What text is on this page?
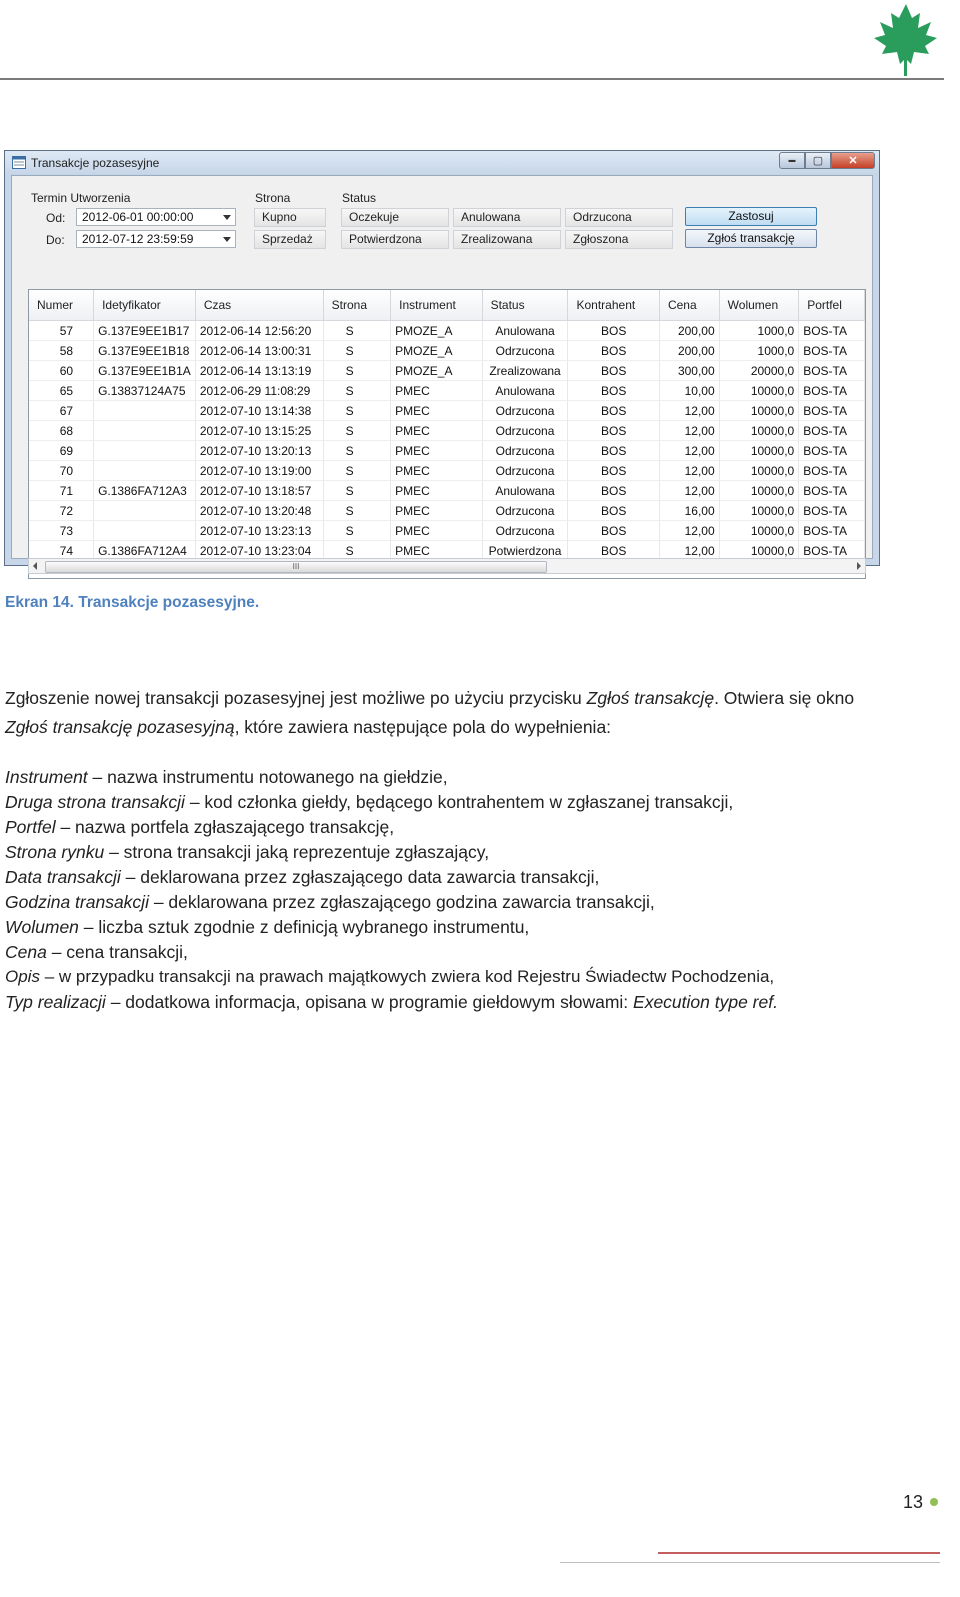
Transakcje pozasesyjne	▬ ▢ ✕
Termin Utworzenia
Od:	2012-06-01 00:00:00
Do:	2012-07-12 23:59:59
Strona
Kupno
Sprzedaż
Status
Oczekuje	Anulowana	Odrzucona
Potwierdzona	Zrealizowana	Zgłoszona
Zastosuj
Zgłoś transakcję
Numer	Idetyfikator	Czas	Strona	Instrument	Status	Kontrahent	Cena	Wolumen	Portfel
57	G.137E9EE1B17	2012-06-14 12:56:20	S	PMOZE_A	Anulowana	BOS	200,00	1000,0	BOS-TA
58	G.137E9EE1B18	2012-06-14 13:00:31	S	PMOZE_A	Odrzucona	BOS	200,00	1000,0	BOS-TA
60	G.137E9EE1B1A	2012-06-14 13:13:19	S	PMOZE_A	Zrealizowana	BOS	300,00	20000,0	BOS-TA
65	G.13837124A75	2012-06-29 11:08:29	S	PMEC	Anulowana	BOS	10,00	10000,0	BOS-TA
67		2012-07-10 13:14:38	S	PMEC	Odrzucona	BOS	12,00	10000,0	BOS-TA
68		2012-07-10 13:15:25	S	PMEC	Odrzucona	BOS	12,00	10000,0	BOS-TA
69		2012-07-10 13:20:13	S	PMEC	Odrzucona	BOS	12,00	10000,0	BOS-TA
70		2012-07-10 13:19:00	S	PMEC	Odrzucona	BOS	12,00	10000,0	BOS-TA
71	G.1386FA712A3	2012-07-10 13:18:57	S	PMEC	Anulowana	BOS	12,00	10000,0	BOS-TA
72		2012-07-10 13:20:48	S	PMEC	Odrzucona	BOS	16,00	10000,0	BOS-TA
73		2012-07-10 13:23:13	S	PMEC	Odrzucona	BOS	12,00	10000,0	BOS-TA
74	G.1386FA712A4	2012-07-10 13:23:04	S	PMEC	Potwierdzona	BOS	12,00	10000,0	BOS-TA
III
Ekran 14. Transakcje pozasesyjne.
Zgłoszenie nowej transakcji pozasesyjnej jest możliwe po użyciu przycisku Zgłoś transakcję. Otwiera się okno
Zgłoś transakcję pozasesyjną, które zawiera następujące pola do wypełnienia:
Instrument – nazwa instrumentu notowanego na giełdzie,
Druga strona transakcji – kod członka giełdy, będącego kontrahentem w zgłaszanej transakcji,
Portfel – nazwa portfela zgłaszającego transakcję,
Strona rynku – strona transakcji jaką reprezentuje zgłaszający,
Data transakcji – deklarowana przez zgłaszającego data zawarcia transakcji,
Godzina transakcji – deklarowana przez zgłaszającego godzina zawarcia transakcji,
Wolumen – liczba sztuk zgodnie z definicją wybranego instrumentu,
Cena – cena transakcji,
Opis – w przypadku transakcji na prawach majątkowych zwiera kod Rejestru Świadectw Pochodzenia,
Typ realizacji – dodatkowa informacja, opisana w programie giełdowym słowami: Execution type ref.
13
